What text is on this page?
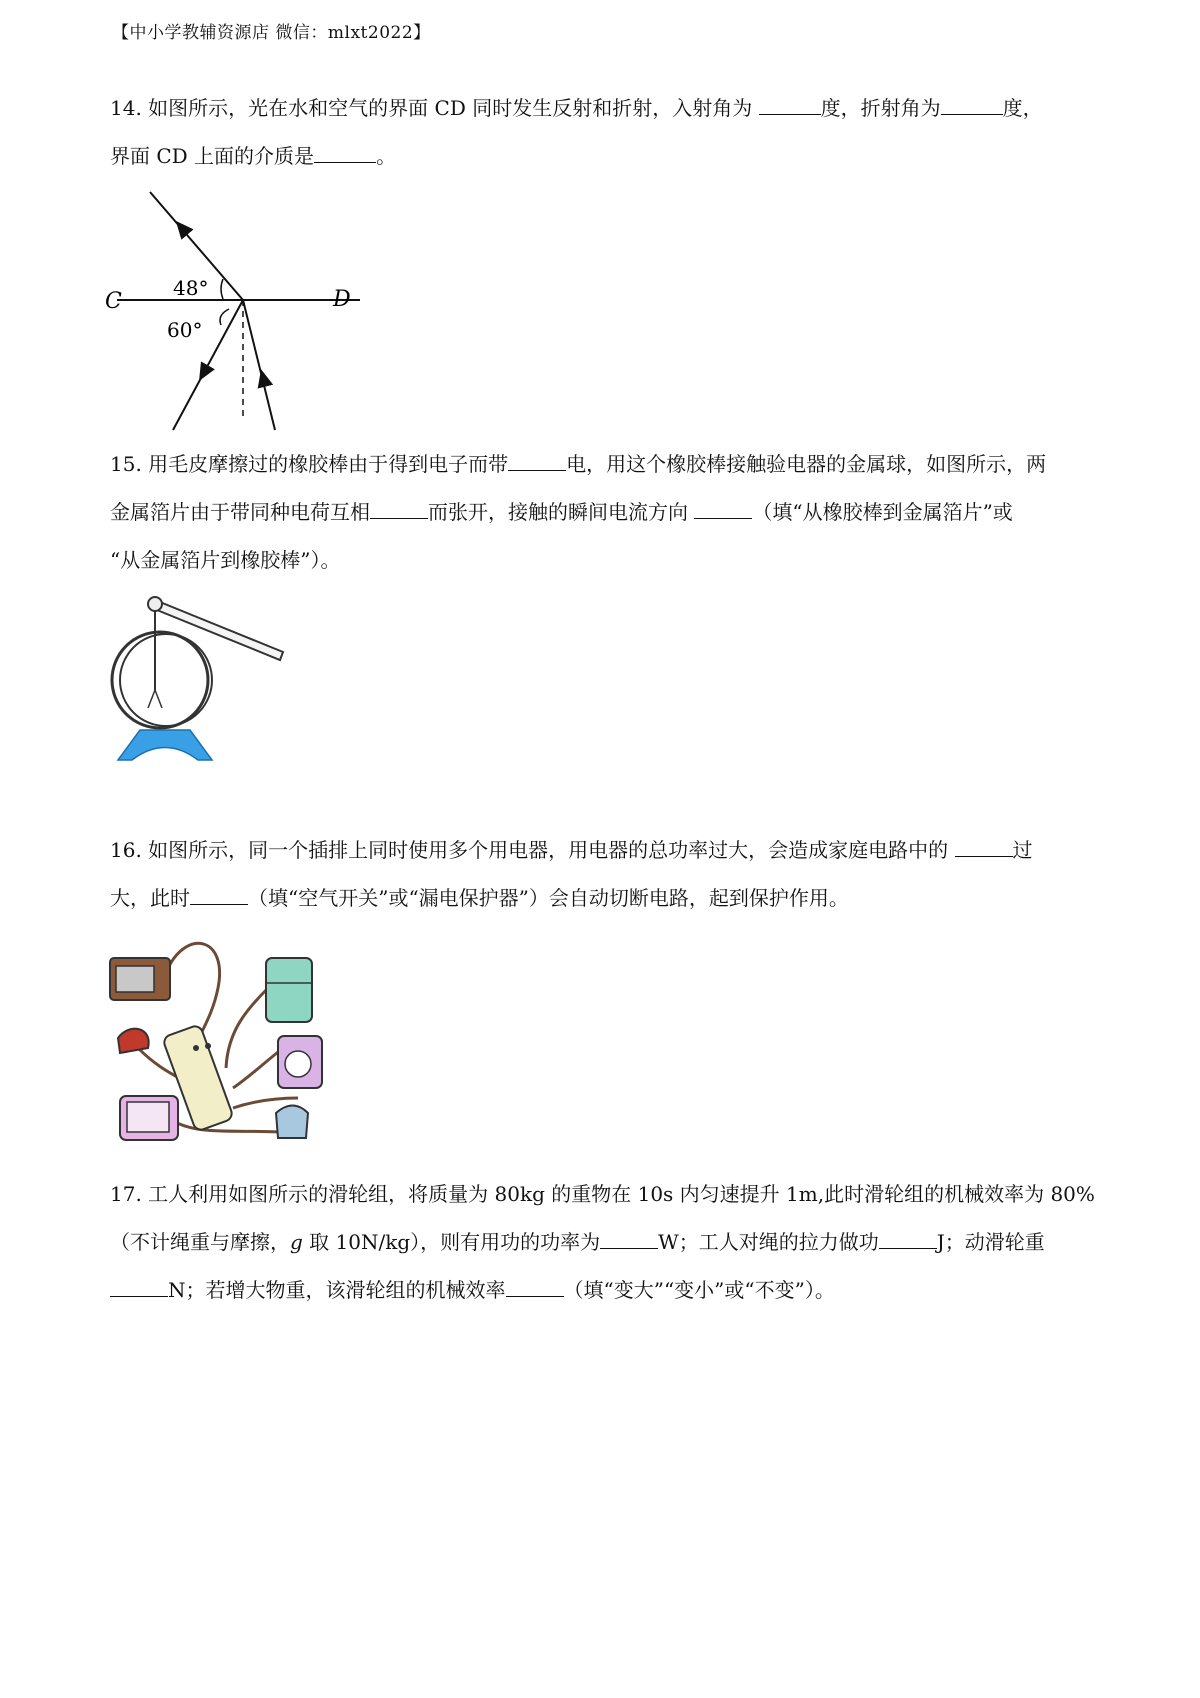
【中小学教辅资源店 微信：mlxt2022】
14. 如图所示，光在水和空气的界面 CD 同时发生反射和折射，入射角为	度，折射角为	度，
界面 CD 上面的介质是	。
C	D
48°
60°
15. 用毛皮摩擦过的橡胶棒由于得到电子而带	电，用这个橡胶棒接触验电器的金属球，如图所示，两
金属箔片由于带同种电荷互相	而张开，接触的瞬间电流方向	（填“从橡胶棒到金属箔片”或
“从金属箔片到橡胶棒”）。
16. 如图所示，同一个插排上同时使用多个用电器，用电器的总功率过大，会造成家庭电路中的	过
大，此时	（填“空气开关”或“漏电保护器”）会自动切断电路，起到保护作用。
17. 工人利用如图所示的滑轮组，将质量为 80kg 的重物在 10s 内匀速提升 1m,此时滑轮组的机械效率为 80%
（不计绳重与摩擦，g 取 10N/kg），则有用功的功率为	W；工人对绳的拉力做功	J；动滑轮重
N；若增大物重，该滑轮组的机械效率	（填“变大”“变小”或“不变”）。
